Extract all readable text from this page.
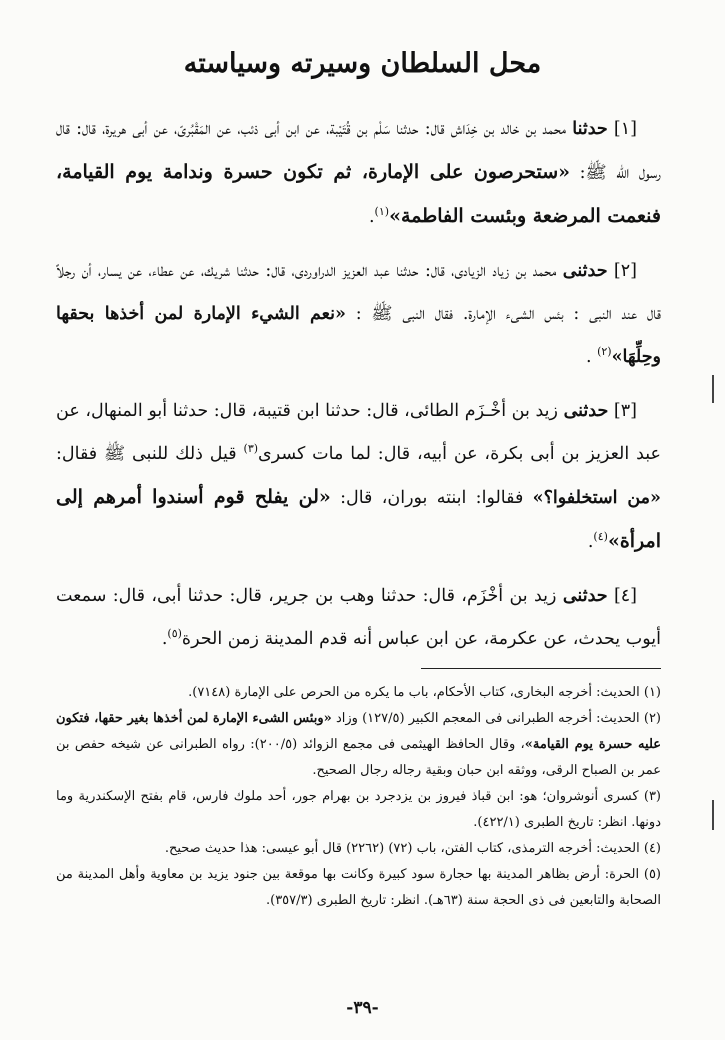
محل السلطان وسيرته وسياسته

[١] حدثنا محمد بن خالد بن خِدَاش قال: حدثنا سَلْم بن قُتَيْبة، عن ابن أبى ذئب، عن المَقْبُرىّ، عن أبى هريرة، قال: قال رسول الله ﷺ: «ستحرصون على الإمارة، ثم تكون حسرة وندامة يوم القيامة، فنعمت المرضعة وبئست الفاطمة»$^{(١)}$.

[٢] حدثنى محمد بن زياد الزيادى، قال: حدثنا عبد العزيز الدراوردى، قال: حدثنا شريك، عن عطاء، عن يسار، أن رجلاً قال عند النبى : بئس الشىء الإمارة. فقال النبى ﷺ : «نعم الشيء الإمارة لمن أخذها بحقها وحِلِّهَا»$^{(٢)}$ .

[٣] حدثنى زيد بن أخْـزَم الطائى، قال: حدثنا ابن قتيبة، قال: حدثنا أبو المنهال، عن عبد العزيز بن أبى بكرة، عن أبيه، قال: لما مات كسرى$^{(٣)}$ قيل ذلك للنبى ﷺ فقال: «من استخلفوا؟» فقالوا: ابنته بوران، قال: «لن يفلح قوم أسندوا أمرهم إلى امرأة»$^{(٤)}$.

[٤] حدثنى زيد بن أخْزَم، قال: حدثنا وهب بن جرير، قال: حدثنا أبى، قال: سمعت أيوب يحدث، عن عكرمة، عن ابن عباس أنه قدم المدينة زمن الحرة$^{(٥)}$.

(١) الحديث: أخرجه البخارى، كتاب الأحكام، باب ما يكره من الحرص على الإمارة (٧١٤٨).

(٢) الحديث: أخرجه الطبرانى فى المعجم الكبير (١٢٧/٥) وزاد «وبئس الشىء الإمارة لمن أخذها بغير حقها، فتكون عليه حسرة يوم القيامة»، وقال الحافظ الهيثمى فى مجمع الزوائد (٢٠٠/٥): رواه الطبرانى عن شيخه حفص بن عمر بن الصباح الرقى، ووثقه ابن حبان وبقية رجاله رجال الصحيح.

(٣) كسرى أنوشروان؛ هو: ابن قباذ فيروز بن يزدجرد بن بهرام جور، أحد ملوك فارس، قام بفتح الإسكندرية وما دونها. انظر: تاريخ الطبرى (٤٢٢/١).

(٤) الحديث: أخرجه الترمذى، كتاب الفتن، باب (٧٢) (٢٢٦٢) قال أبو عيسى: هذا حديث صحيح.

(٥) الحرة: أرض بظاهر المدينة بها حجارة سود كبيرة وكانت بها موقعة بين جنود يزيد بن معاوية وأهل المدينة من الصحابة والتابعين فى ذى الحجة سنة (٦٣هـ). انظر: تاريخ الطبرى (٣٥٧/٣).

-٣٩-
